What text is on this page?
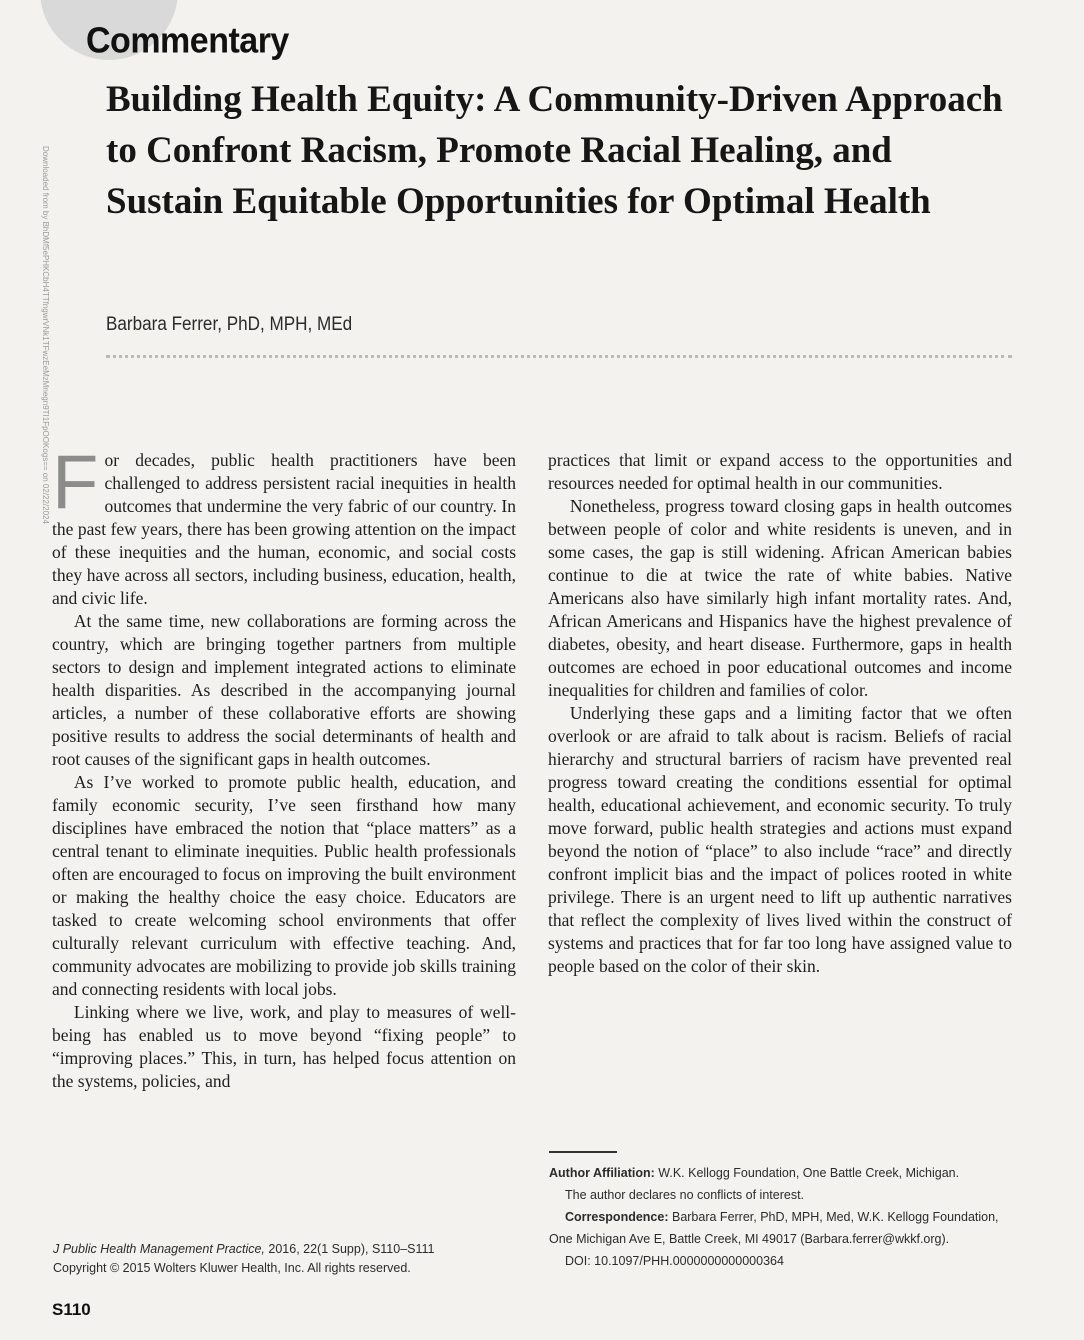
Commentary
Building Health Equity: A Community-Driven Approach to Confront Racism, Promote Racial Healing, and Sustain Equitable Opportunities for Optimal Health
Barbara Ferrer, PhD, MPH, MEd
Downloaded from by BhDMf5ePHKCbH4TTfngwrVNk1TFwzEeMzMnegn9TI1FpOOKogs== on 02/22/2024 For decades, public health practitioners have been challenged to address persistent racial inequities in health outcomes that undermine the very fabric of our country. In the past few years, there has been growing attention on the impact of these inequities and the human, economic, and social costs they have across all sectors, including business, education, health, and civic life.

At the same time, new collaborations are forming across the country, which are bringing together partners from multiple sectors to design and implement integrated actions to eliminate health disparities. As described in the accompanying journal articles, a number of these collaborative efforts are showing positive results to address the social determinants of health and root causes of the significant gaps in health outcomes.

As I’ve worked to promote public health, education, and family economic security, I’ve seen firsthand how many disciplines have embraced the notion that “place matters” as a central tenant to eliminate inequities. Public health professionals often are encouraged to focus on improving the built environment or making the healthy choice the easy choice. Educators are tasked to create welcoming school environments that offer culturally relevant curriculum with effective teaching. And, community advocates are mobilizing to provide job skills training and connecting residents with local jobs.

Linking where we live, work, and play to measures of well-being has enabled us to move beyond “fixing people” to “improving places.” This, in turn, has helped focus attention on the systems, policies, and

practices that limit or expand access to the opportunities and resources needed for optimal health in our communities.

Nonetheless, progress toward closing gaps in health outcomes between people of color and white residents is uneven, and in some cases, the gap is still widening. African American babies continue to die at twice the rate of white babies. Native Americans also have similarly high infant mortality rates. And, African Americans and Hispanics have the highest prevalence of diabetes, obesity, and heart disease. Furthermore, gaps in health outcomes are echoed in poor educational outcomes and income inequalities for children and families of color.

Underlying these gaps and a limiting factor that we often overlook or are afraid to talk about is racism. Beliefs of racial hierarchy and structural barriers of racism have prevented real progress toward creating the conditions essential for optimal health, educational achievement, and economic security. To truly move forward, public health strategies and actions must expand beyond the notion of “place” to also include “race” and directly confront implicit bias and the impact of polices rooted in white privilege. There is an urgent need to lift up authentic narratives that reflect the complexity of lives lived within the construct of systems and practices that for far too long have assigned value to people based on the color of their skin.

Author Affiliation: W.K. Kellogg Foundation, One Battle Creek, Michigan.
The author declares no conflicts of interest.
Correspondence: Barbara Ferrer, PhD, MPH, Med, W.K. Kellogg Foundation,
One Michigan Ave E, Battle Creek, MI 49017 (Barbara.ferrer@wkkf.org).
DOI: 10.1097/PHH.0000000000000364
J Public Health Management Practice, 2016, 22(1 Supp), S110–S111
Copyright © 2015 Wolters Kluwer Health, Inc. All rights reserved.
S110
